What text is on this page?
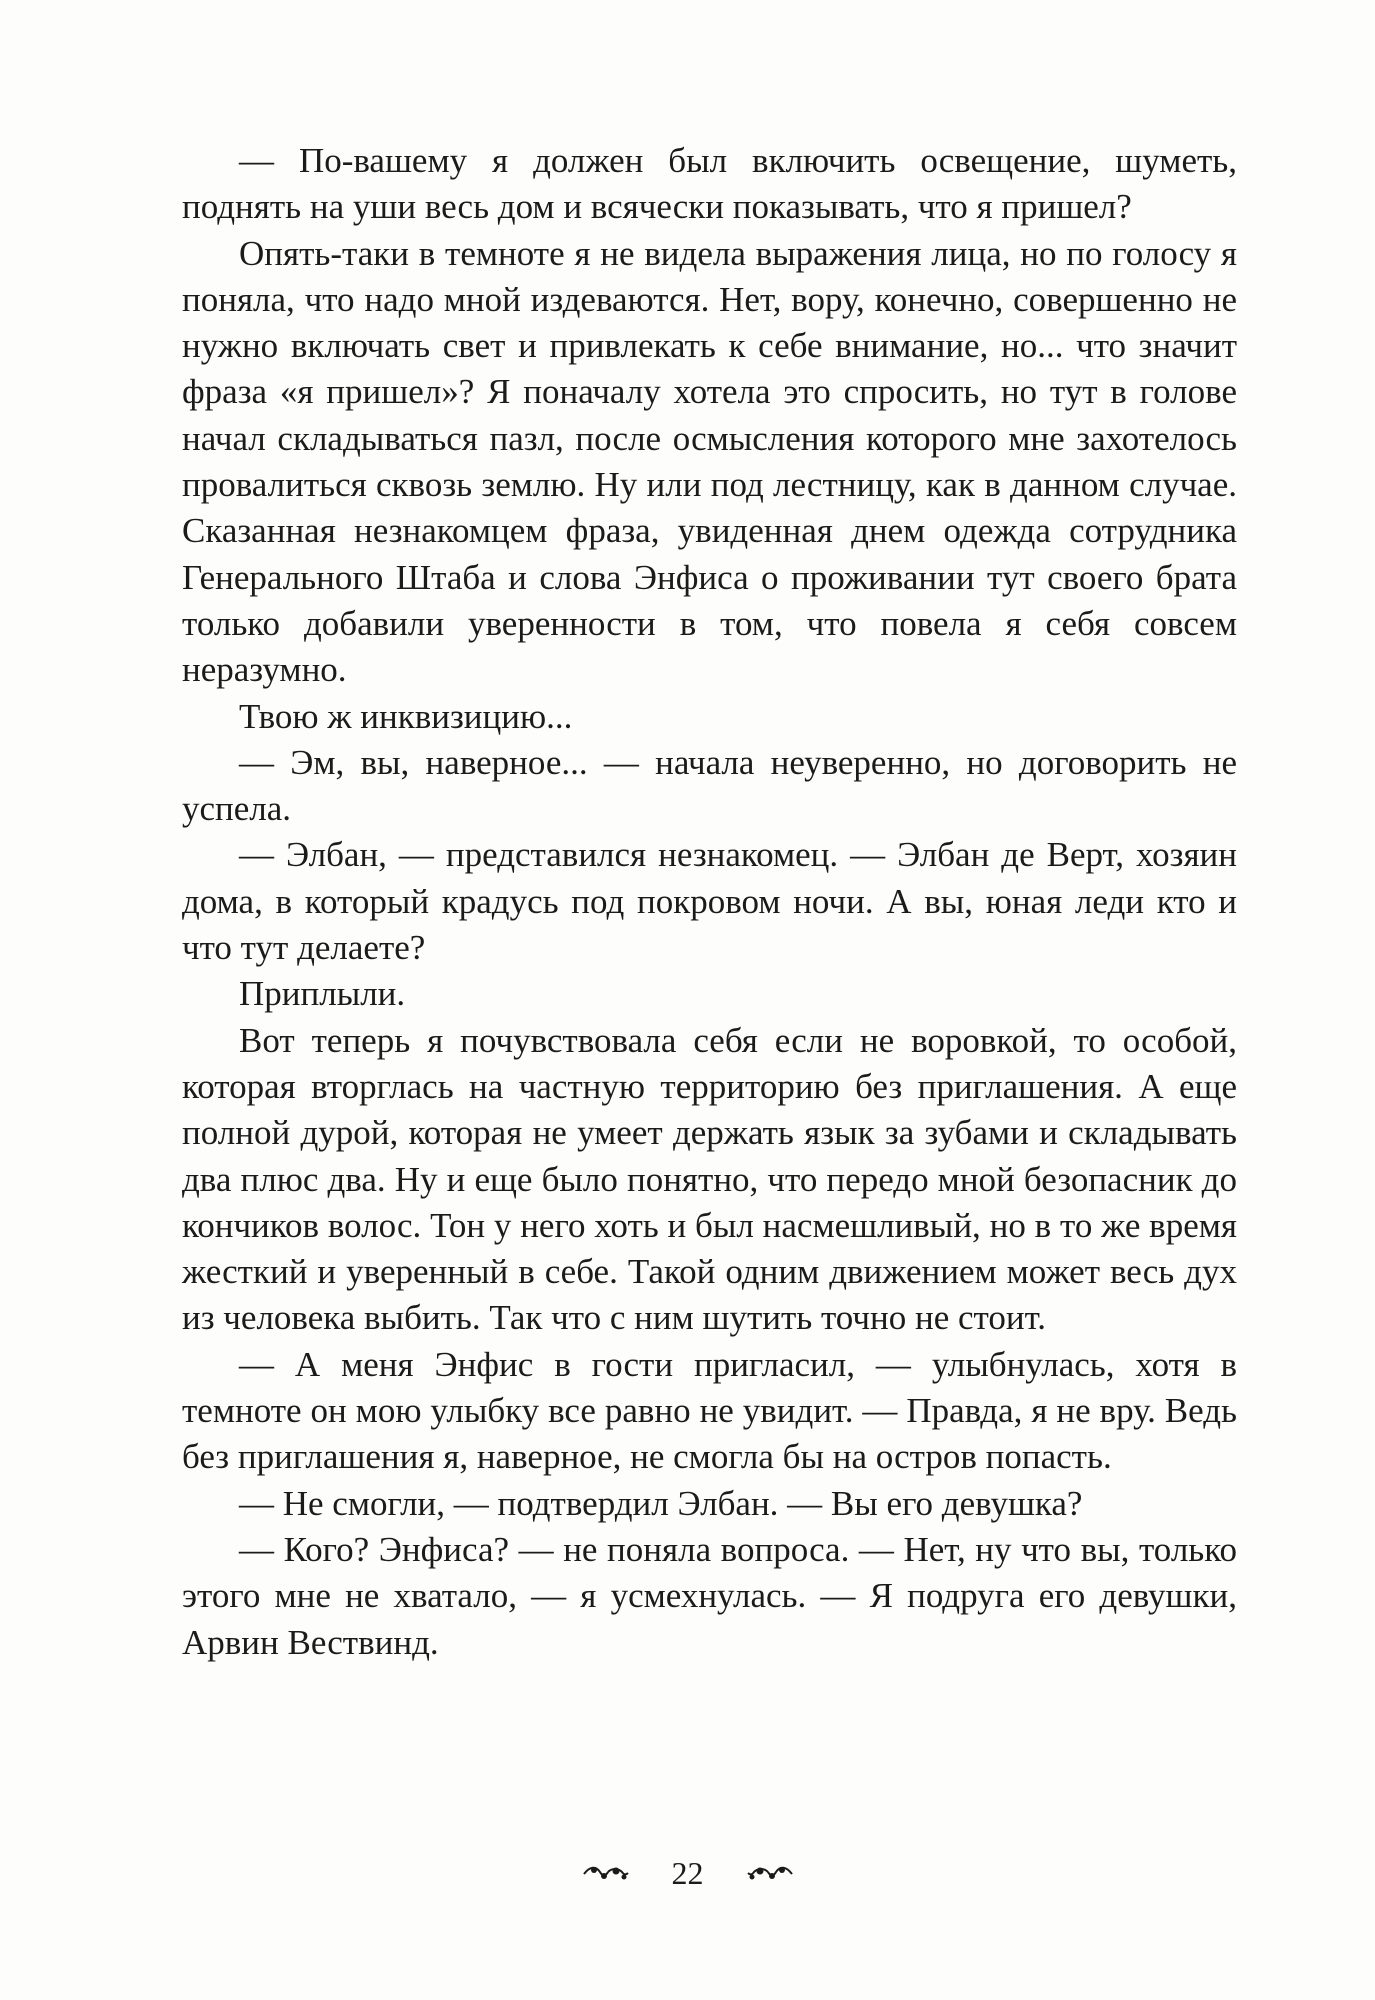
— По-вашему я должен был включить освещение, шуметь, поднять на уши весь дом и всячески показывать, что я пришел?

Опять-таки в темноте я не видела выражения лица, но по голосу я поняла, что надо мной издеваются. Нет, вору, конечно, совершенно не нужно включать свет и привлекать к себе внимание, но... что значит фраза «я пришел»? Я поначалу хотела это спросить, но тут в голове начал складываться пазл, после осмысления которого мне захотелось провалиться сквозь землю. Ну или под лестницу, как в данном случае. Сказанная незнакомцем фраза, увиденная днем одежда сотрудника Генерального Штаба и слова Энфиса о проживании тут своего брата только добавили уверенности в том, что повела я себя совсем неразумно.

Твою ж инквизицию...

— Эм, вы, наверное... — начала неуверенно, но договорить не успела.

— Элбан, — представился незнакомец. — Элбан де Верт, хозяин дома, в который крадусь под покровом ночи. А вы, юная леди кто и что тут делаете?

Приплыли.

Вот теперь я почувствовала себя если не воровкой, то особой, которая вторглась на частную территорию без приглашения. А еще полной дурой, которая не умеет держать язык за зубами и складывать два плюс два. Ну и еще было понятно, что передо мной безопасник до кончиков волос. Тон у него хоть и был насмешливый, но в то же время жесткий и уверенный в себе. Такой одним движением может весь дух из человека выбить. Так что с ним шутить точно не стоит.

— А меня Энфис в гости пригласил, — улыбнулась, хотя в темноте он мою улыбку все равно не увидит. — Правда, я не вру. Ведь без приглашения я, наверное, не смогла бы на остров попасть.

— Не смогли, — подтвердил Элбан. — Вы его девушка?

— Кого? Энфиса? — не поняла вопроса. — Нет, ну что вы, только этого мне не хватало, — я усмехнулась. — Я подруга его девушки, Арвин Вествинд.

22
